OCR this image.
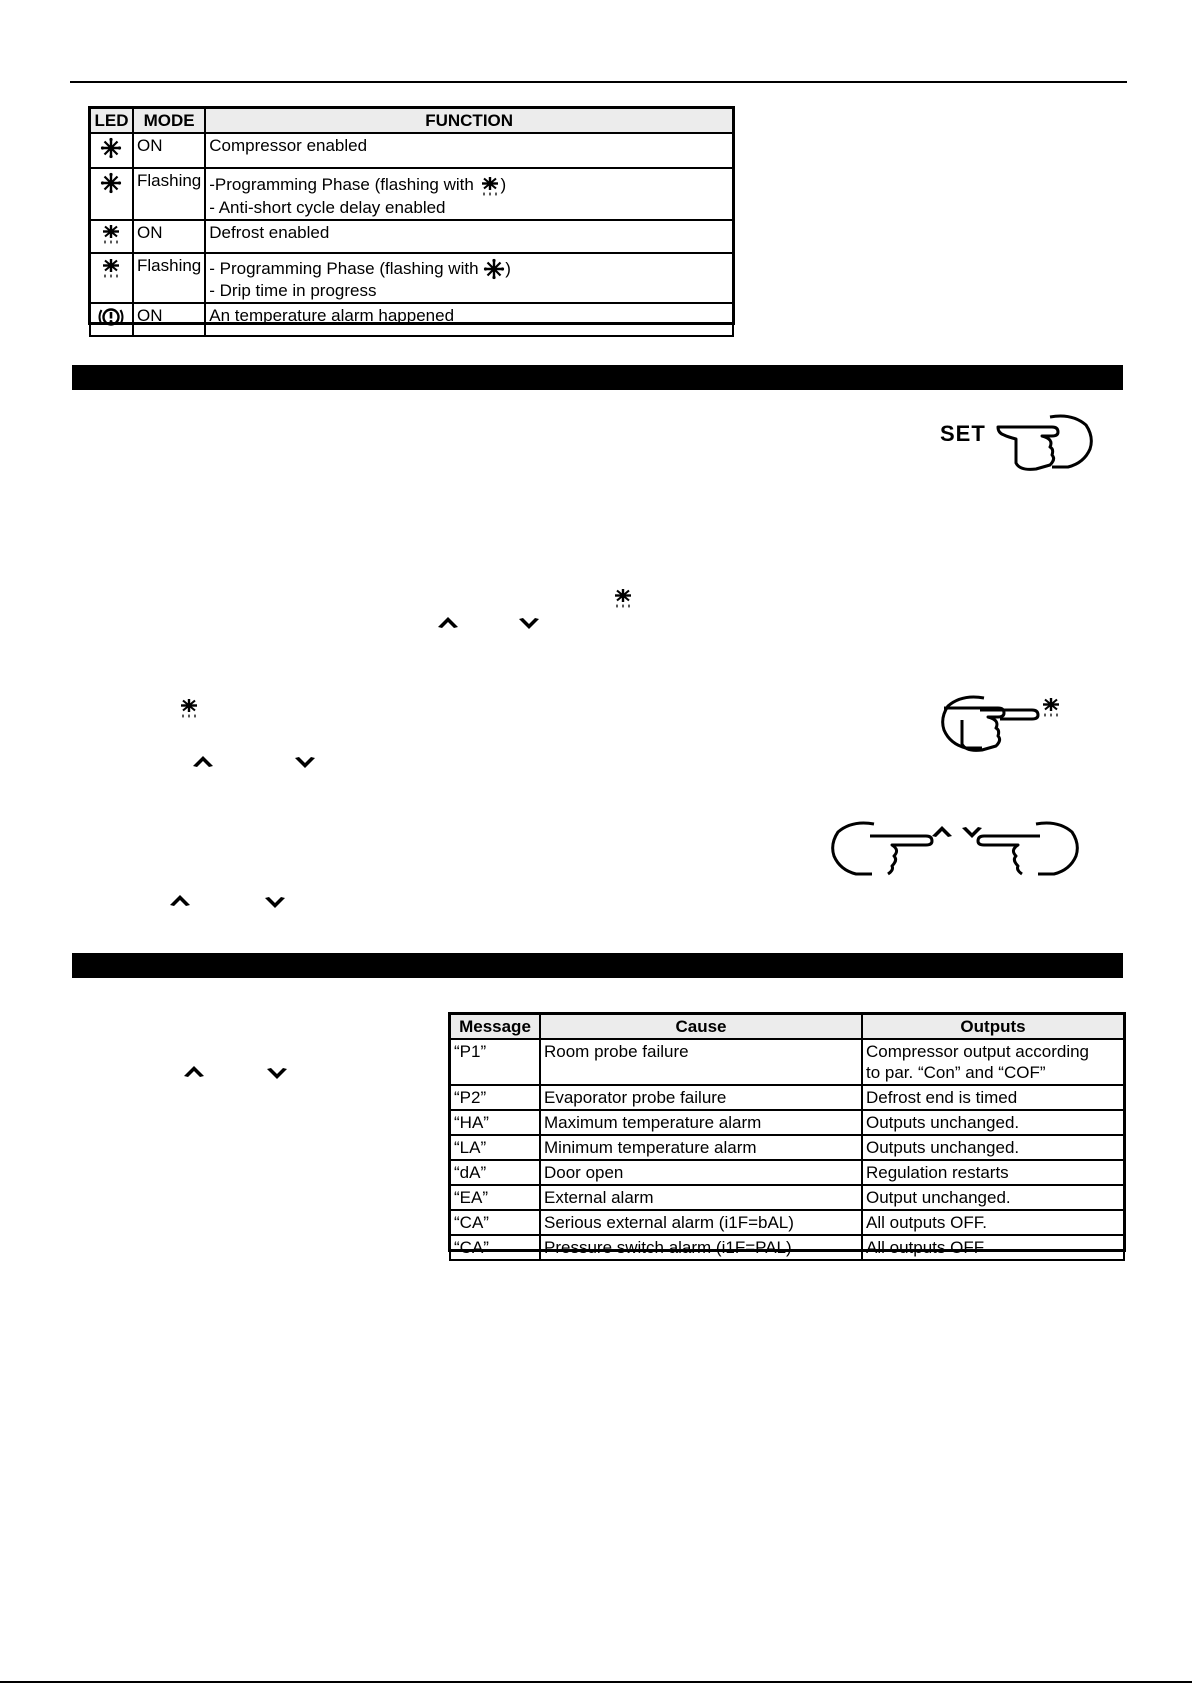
LED	MODE	FUNCTION
	ON	Compressor enabled
	Flashing	-Programming Phase (flashing with )
- Anti-short cycle delay enabled

	ON	Defrost enabled
	Flashing	- Programming Phase (flashing with )
- Drip time in progress

	ON	An temperature alarm happened
SET
Message	Cause	Outputs
“P1”	Room probe failure	Compressor output according
to par. “Con” and “COF”

“P2”	Evaporator probe failure	Defrost end is timed
“HA”	Maximum temperature alarm	Outputs unchanged.
“LA”	Minimum temperature alarm	Outputs unchanged.
“dA”	Door open	Regulation restarts
“EA”	External alarm	Output unchanged.
“CA”	Serious external alarm (i1F=bAL)	All outputs OFF.
“CA”	Pressure switch alarm (i1F=PAL)	All outputs OFF
